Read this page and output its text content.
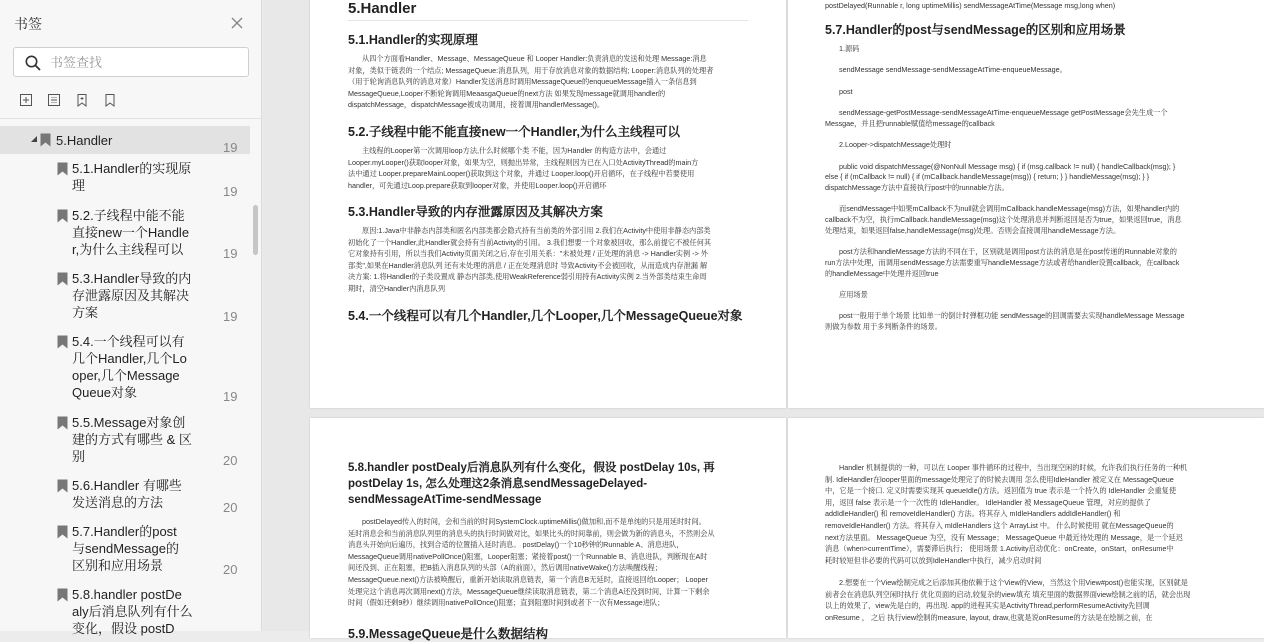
书签
书签查找
5.Handler	19
5.1.Handler的实现原
理	19
5.2.子线程中能不能
直接new一个Handle
r,为什么主线程可以	19
5.3.Handler导致的内
存泄露原因及其解决
方案	19
5.4.一个线程可以有
几个Handler,几个Lo
oper,几个Message
Queue对象	19
5.5.Message对象创
建的方式有哪些 & 区
别	20
5.6.Handler 有哪些
发送消息的方法	20
5.7.Handler的post
与sendMessage的
区别和应用场景	20
5.8.handler postDe
aly后消息队列有什么
变化，假设 postD
5.Handler
5.1.Handler的实现原理
从四个方面看Handler、Message、MessageQueue 和 Looper Handler:负责消息的发送和处理 Message:消息
对象，类似于链表的一个结点; MessageQueue:消息队列，用于存放消息对象的数据结构; Looper:消息队列的处理者
（用于轮询消息队列的消息对象）Handler发送消息时调用MessageQueue的enqueueMessage插入一条信息到
MessageQueue,Looper不断轮询调用MeaasgaQueue的next方法 如果发现message就调用handler的
dispatchMessage，dispatchMessage被成功调用，接着调用handlerMessage()。
5.2.子线程中能不能直接new一个Handler,为什么主线程可以
主线程的Looper第一次调用loop方法,什么时候哪个类 不能，因为Handler 的构造方法中，会通过
Looper.myLooper()获取looper对象，如果为空，则抛出异常，主线程则因为已在入口处ActivityThread的main方
法中通过 Looper.prepareMainLooper()获取到这个对象，并通过 Looper.loop()开启循环，在子线程中若要使用
handler，可先通过Loop.prepare获取到looper对象，并使用Looper.loop()开启循环
5.3.Handler导致的内存泄露原因及其解决方案
原因:1.Java中非静态内部类和匿名内部类都会隐式持有当前类的外部引用 2.我们在Activity中使用非静态内部类
初始化了一个Handler,此Handler就会持有当前Activity的引用。 3.我们想要一个对象被回收，那么前提它不被任何其
它对象持有引用，所以当我们Activity页面关闭之后,存在引用关系："未被处理 / 正处理的消息 -> Handler实例 -> 外
部类",如果在Handler消息队列 还有未处理的消息 / 正在处理消息时 导致Activity不会被回收，从而造成内存泄漏 解
决方案: 1.将Handler的子类设置成 静态内部类,使用WeakReference弱引用持有Activity实例 2.当外部类结束生命周
期时，清空Handler内消息队列
5.4.一个线程可以有几个Handler,几个Looper,几个MessageQueue对象
postDelayed(Runnable r, long uptimeMillis) sendMessageAtTime(Message msg,long when)
5.7.Handler的post与sendMessage的区别和应用场景
1.源码
sendMessage sendMessage-sendMessageAtTime-enqueueMessage。
post
sendMessage-getPostMessage-sendMessageAtTime-enqueueMessage getPostMessage会先生成一个
Messgae，并且把runnable赋值给message的callback
2.Looper->dispatchMessage处理时
public void dispatchMessage(@NonNull Message msg) { if (msg.callback != null) { handleCallback(msg); }
else { if (mCallback != null) { if (mCallback.handleMessage(msg)) { return; } } handleMessage(msg); } }
dispatchMessage方法中直接执行post中的runnable方法。
而sendMessage中如果mCallback不为null就会调用mCallback.handleMessage(msg)方法，如果handler内的
callback不为空，执行mCallback.handleMessage(msg)这个处理消息并判断返回是否为true，如果返回true，消息
处理结束，如果返回false,handleMessage(msg)处理。否则会直接调用handleMessage方法。
post方法和handleMessage方法的不同在于，区别就是调用post方法的消息是在post传递的Runnable对象的
run方法中处理，而调用sendMessage方法需要重写handleMessage方法或者给handler设置callback，在callback
的handleMessage中处理并返回true
应用场景
post一般用于单个场景 比如单一的倒计时弹框功能 sendMessage的回调需要去实现handleMessage Message
则做为参数 用于多判断条件的场景。
5.8.handler postDealy后消息队列有什么变化，假设 postDelay 10s, 再
postDelay 1s, 怎么处理这2条消息sendMessageDelayed-
sendMessageAtTime-sendMessage
postDelayed传入的时间，会和当前的时间SystemClock.uptimeMillis()做加和,而不是单纯的只是用延时时间。
延时消息会和当前消息队列里的消息头的执行时间做对比，如果比头的时间靠前，则会做为新的消息头，不然则会从
消息头开始向后遍历，找到合适的位置插入延时消息。 postDelay()一个10秒钟的Runnable A、消息进队，
MessageQueue调用nativePollOnce()阻塞，Looper阻塞；紧接着post()一个Runnable B、消息进队，判断现在A时
间还没到、正在阻塞，把B插入消息队列的头部（A的前面），然后调用nativeWake()方法唤醒线程；
MessageQueue.next()方法被唤醒后，重新开始读取消息链表，第一个消息B无延时，直接返回给Looper； Looper
处理完这个消息再次调用next()方法，MessageQueue继续读取消息链表，第二个消息A还没到时间，计算一下剩余
时间（假如还剩9秒）继续调用nativePollOnce()阻塞；直到阻塞时间到或者下一次有Message进队；
5.9.MessageQueue是什么数据结构
Handler 机制提供的一种，可以在 Looper 事件循环的过程中，当出现空闲的时候，允许我们执行任务的一种机
制. IdleHandler在looper里面的message处理完了的时候去调用 怎么使用IdleHandler 被定义在 MessageQueue
中，它是一个接口. 定义时需要实现其 queueIdle()方法。返回值为 true 表示是一个持久的 IdleHandler 会重复使
用，返回 false 表示是一个一次性的 IdleHandler。 IdleHandler 被 MessageQueue 管理，对应的提供了
addIdleHandler() 和 removeIdleHandler() 方法。将其存入 mIdleHandlers addIdleHandler() 和
removeIdleHandler() 方法。将其存入 mIdleHandlers 这个 ArrayList 中。 什么时候使用 就在MessageQueue的
next方法里面。 MessageQueue 为空，没有 Message； MessageQueue 中最近待处理的 Message，是一个延迟
消息（when>currentTime），需要滞后执行； 使用场景 1.Activity启动优化：onCreate，onStart，onResume中
耗时较短但非必要的代码可以放到IdleHandler中执行，减少启动时间
2.想要在一个View绘制完成之后添加其他依赖于这个View的View，当然这个用View#post()也能实现，区别就是
前者会在消息队列空闲时执行 优化页面的启动,较复杂的view填充 填充里面的数据界面view绘制之前的话，就会出现
以上的效果了，view先是白的，再出现. app的进程其实是ActivityThread,performResumeActivity先回调
onResume ， 之后 执行view绘制的measure, layout, draw,也就是说onResume的方法是在绘制之前，在
